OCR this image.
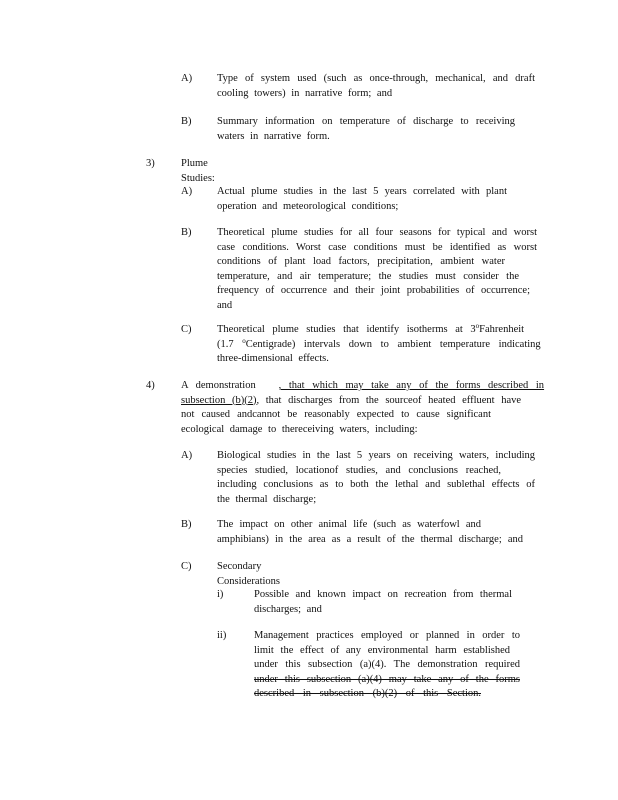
A) Type of system used (such as once-through, mechanical, and draft

cooling towers) in narrative form; and

B) Summary information on temperature of discharge to receiving

waters in narrative form.

3)	Plume Studies:
A) Actual plume studies in the last 5 years correlated with plant

operation and meteorological conditions;

B) Theoretical plume studies for all four seasons for typical and worst

case conditions. Worst case conditions must be identified as worst

conditions of plant load factors, precipitation, ambient water

temperature, and air temperature; the studies must consider the

frequency of occurrence and their joint probabilities of occurrence;

and

C) Theoretical plume studies that identify isotherms at 3$^o$Fahrenheit

(1.7 $^o$Centigrade) intervals down to ambient temperature indicating

three-dimensional effects.

4)	A demonstration , that which may take any of the forms described in

subsection (b)(2), that discharges from the sourceof heated effluent have

not caused andcannot be reasonably expected to cause significant

ecological damage to thereceiving waters, including:

A) Biological studies in the last 5 years on receiving waters, including

species studied, locationof studies, and conclusions reached,

including conclusions as to both the lethal and sublethal effects of

the thermal discharge;

B) The impact on other animal life (such as waterfowl and

amphibians) in the area as a result of the thermal discharge; and

C) Secondary Considerations
i)	Possible and known impact on recreation from thermal

discharges; and

ii)	Management practices employed or planned in order to

limit the effect of any environmental harm established

under this subsection (a)(4). The demonstration required

under this subsection (a)(4) may take any of the forms

described in subsection (b)(2) of this Section.
